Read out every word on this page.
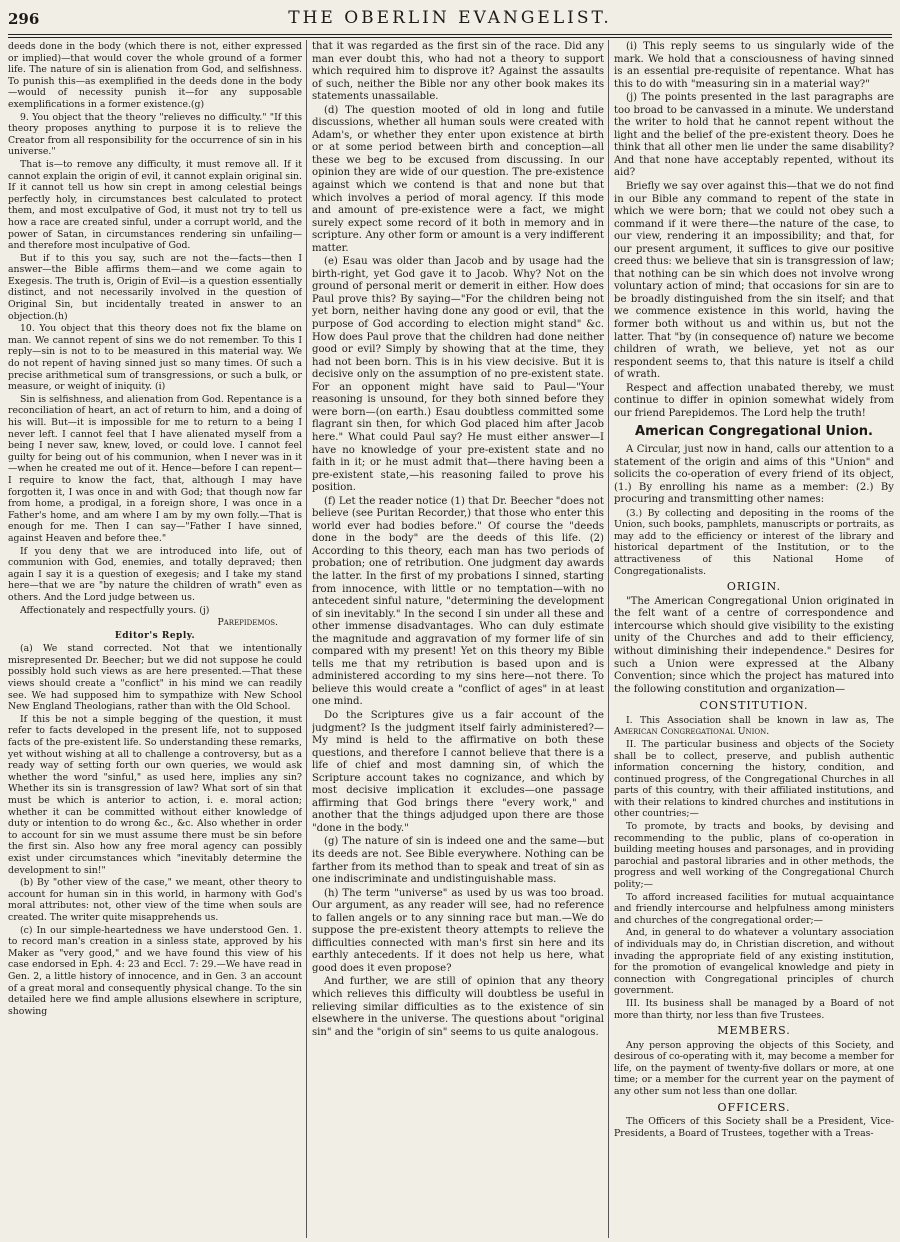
296	THE OBERLIN EVANGELIST.

deeds done in the body (which there is not, either expressed or implied)—that would cover the whole ground of a former life. The nature of sin is alienation from God, and selfishness. To punish this—as exemplified in the deeds done in the body—would of necessity punish it—for any supposable exemplifications in a former existence.(g)

9. You object that the theory "relieves no difficulty." "If this theory proposes anything to purpose it is to relieve the Creator from all responsibility for the occurrence of sin in his universe."

That is—to remove any difficulty, it must remove all. If it cannot explain the origin of evil, it cannot explain original sin. If it cannot tell us how sin crept in among celestial beings perfectly holy, in circumstances best calculated to protect them, and most exculpative of God, it must not try to tell us how a race are created sinful, under a corrupt world, and the power of Satan, in circumstances rendering sin unfailing—and therefore most inculpative of God.

But if to this you say, such are not the—facts—then I answer—the Bible affirms them—and we come again to Exegesis. The truth is, Origin of Evil—is a question essentially distinct, and not necessarily involved in the question of Original Sin, but incidentally treated in answer to an objection.(h)

10. You object that this theory does not fix the blame on man. We cannot repent of sins we do not remember. To this I reply—sin is not to to be measured in this material way. We do not repent of having sinned just so many times. Of such a precise arithmetical sum of transgressions, or such a bulk, or measure, or weight of iniquity. (i)

Sin is selfishness, and alienation from God. Repentance is a reconciliation of heart, an act of return to him, and a doing of his will. But—it is impossible for me to return to a being I never left. I cannot feel that I have alienated myself from a being I never saw, knew, loved, or could love. I cannot feel guilty for being out of his communion, when I never was in it—when he created me out of it. Hence—before I can repent—I require to know the fact, that, although I may have forgotten it, I was once in and with God; that though now far from home, a prodigal, in a foreign shore, I was once in a Father's home, and am where I am by my own folly.—That is enough for me. Then I can say—"Father I have sinned, against Heaven and before thee."

If you deny that we are introduced into life, out of communion with God, enemies, and totally depraved; then again I say it is a question of exegesis; and I take my stand here—that we are "by nature the children of wrath" even as others. And the Lord judge between us.

Affectionately and respectfully yours. (j)

Parepidemos.

Editor's Reply.

(a) We stand corrected. Not that we intentionally misrepresented Dr. Beecher; but we did not suppose he could possibly hold such views as are here presented.—That these views should create a "conflict" in his mind we can readily see. We had supposed him to sympathize with New School New England Theologians, rather than with the Old School.

If this be not a simple begging of the question, it must refer to facts developed in the present life, not to supposed facts of the pre-existent life. So understanding these remarks, yet without wishing at all to challenge a controversy, but as a ready way of setting forth our own queries, we would ask whether the word "sinful," as used here, implies any sin? Whether its sin is transgression of law? What sort of sin that must be which is anterior to action, i. e. moral action; whether it can be committed without either knowledge of duty or intention to do wrong &c., &c. Also whether in order to account for sin we must assume there must be sin before the first sin. Also how any free moral agency can possibly exist under circumstances which "inevitably determine the development to sin!"

(b) By "other view of the case," we meant, other theory to account for human sin in this world, in harmony with God's moral attributes: not, other view of the time when souls are created. The writer quite misapprehends us.

(c) In our simple-heartedness we have understood Gen. 1. to record man's creation in a sinless state, approved by his Maker as "very good," and we have found this view of his case endorsed in Eph. 4: 23 and Eccl. 7: 29.—We have read in Gen. 2, a little history of innocence, and in Gen. 3 an account of a great moral and consequently physical change. To the sin detailed here we find ample allusions elsewhere in scripture, showing

that it was regarded as the first sin of the race. Did any man ever doubt this, who had not a theory to support which required him to disprove it? Against the assaults of such, neither the Bible nor any other book makes its statements unassailable.

(d) The question mooted of old in long and futile discussions, whether all human souls were created with Adam's, or whether they enter upon existence at birth or at some period between birth and conception—all these we beg to be excused from discussing. In our opinion they are wide of our question. The pre-existence against which we contend is that and none but that which involves a period of moral agency. If this mode and amount of pre-existence were a fact, we might surely expect some record of it both in memory and in scripture. Any other form or amount is a very indifferent matter.

(e) Esau was older than Jacob and by usage had the birth-right, yet God gave it to Jacob. Why? Not on the ground of personal merit or demerit in either. How does Paul prove this? By saying—"For the children being not yet born, neither having done any good or evil, that the purpose of God according to election might stand" &c. How does Paul prove that the children had done neither good or evil? Simply by showing that at the time, they had not been born. This is in his view decisive. But it is decisive only on the assumption of no pre-existent state. For an opponent might have said to Paul—"Your reasoning is unsound, for they both sinned before they were born—(on earth.) Esau doubtless committed some flagrant sin then, for which God placed him after Jacob here." What could Paul say? He must either answer—I have no knowledge of your pre-existent state and no faith in it; or he must admit that—there having been a pre-existent state,—his reasoning failed to prove his position.

(f) Let the reader notice (1) that Dr. Beecher "does not believe (see Puritan Recorder,) that those who enter this world ever had bodies before." Of course the "deeds done in the body" are the deeds of this life. (2) According to this theory, each man has two periods of probation; one of retribution. One judgment day awards the latter. In the first of my probations I sinned, starting from innocence, with little or no temptation—with no antecedent sinful nature, "determining the development of sin inevitably." In the second I sin under all these and other immense disadvantages. Who can duly estimate the magnitude and aggravation of my former life of sin compared with my present! Yet on this theory my Bible tells me that my retribution is based upon and is administered according to my sins here—not there. To believe this would create a "conflict of ages" in at least one mind.

Do the Scriptures give us a fair account of the judgment? Is the judgment itself fairly administered?—My mind is held to the affirmative on both these questions, and therefore I cannot believe that there is a life of chief and most damning sin, of which the Scripture account takes no cognizance, and which by most decisive implication it excludes—one passage affirming that God brings there "every work," and another that the things adjudged upon there are those "done in the body."

(g) The nature of sin is indeed one and the same—but its deeds are not. See Bible everywhere. Nothing can be farther from its method than to speak and treat of sin as one indiscriminate and undistinguishable mass.

(h) The term "universe" as used by us was too broad. Our argument, as any reader will see, had no reference to fallen angels or to any sinning race but man.—We do suppose the pre-existent theory attempts to relieve the difficulties connected with man's first sin here and its earthly antecedents. If it does not help us here, what good does it even propose?

And further, we are still of opinion that any theory which relieves this difficulty will doubtless be useful in relieving similar difficulties as to the existence of sin elsewhere in the universe. The questions about "original sin" and the "origin of sin" seems to us quite analogous.

(i) This reply seems to us singularly wide of the mark. We hold that a consciousness of having sinned is an essential pre-requisite of repentance. What has this to do with "measuring sin in a material way?"

(j) The points presented in the last paragraphs are too broad to be canvassed in a minute. We understand the writer to hold that he cannot repent without the light and the belief of the pre-existent theory. Does he think that all other men lie under the same disability? And that none have acceptably repented, without its aid?

Briefly we say over against this—that we do not find in our Bible any command to repent of the state in which we were born; that we could not obey such a command if it were there—the nature of the case, to our view, rendering it an impossibility; and that, for our present argument, it suffices to give our positive creed thus: we believe that sin is transgression of law; that nothing can be sin which does not involve wrong voluntary action of mind; that occasions for sin are to be broadly distinguished from the sin itself; and that we commence existence in this world, having the former both without us and within us, but not the latter. That "by (in consequence of) nature we become children of wrath, we believe, yet not as our respondent seems to, that this nature is itself a child of wrath.

Respect and affection unabated thereby, we must continue to differ in opinion somewhat widely from our friend Parepidemos. The Lord help the truth!

American Congregational Union.

A Circular, just now in hand, calls our attention to a statement of the origin and aims of this "Union" and solicits the co-operation of every friend of its object, (1.) By enrolling his name as a member: (2.) By procuring and transmitting other names:

(3.) By collecting and depositing in the rooms of the Union, such books, pamphlets, manuscripts or portraits, as may add to the efficiency or interest of the library and historical department of the Institution, or to the attractiveness of this National Home of Congregationalists.

ORIGIN.

"The American Congregational Union originated in the felt want of a centre of correspondence and intercourse which should give visibility to the existing unity of the Churches and add to their efficiency, without diminishing their independence." Desires for such a Union were expressed at the Albany Convention; since which the project has matured into the following constitution and organization—

CONSTITUTION.

I. This Association shall be known in law as, The American Congregational Union.

II. The particular business and objects of the Society shall be to collect, preserve, and publish authentic information concerning the history, condition, and continued progress, of the Congregational Churches in all parts of this country, with their affiliated institutions, and with their relations to kindred churches and institutions in other countries;—

To promote, by tracts and books, by devising and recommending to the public, plans of co-operation in building meeting houses and parsonages, and in providing parochial and pastoral libraries and in other methods, the progress and well working of the Congregational Church polity;—

To afford increased facilities for mutual acquaintance and friendly intercourse and helpfulness among ministers and churches of the congregational order;—

And, in general to do whatever a voluntary association of individuals may do, in Christian discretion, and without invading the appropriate field of any existing institution, for the promotion of evangelical knowledge and piety in connection with Congregational principles of church government.

III. Its business shall be managed by a Board of not more than thirty, nor less than five Trustees.

MEMBERS.

Any person approving the objects of this Society, and desirous of co-operating with it, may become a member for life, on the payment of twenty-five dollars or more, at one time; or a member for the current year on the payment of any other sum not less than one dollar.

OFFICERS.

The Officers of this Society shall be a President, Vice-Presidents, a Board of Trustees, together with a Treas-
